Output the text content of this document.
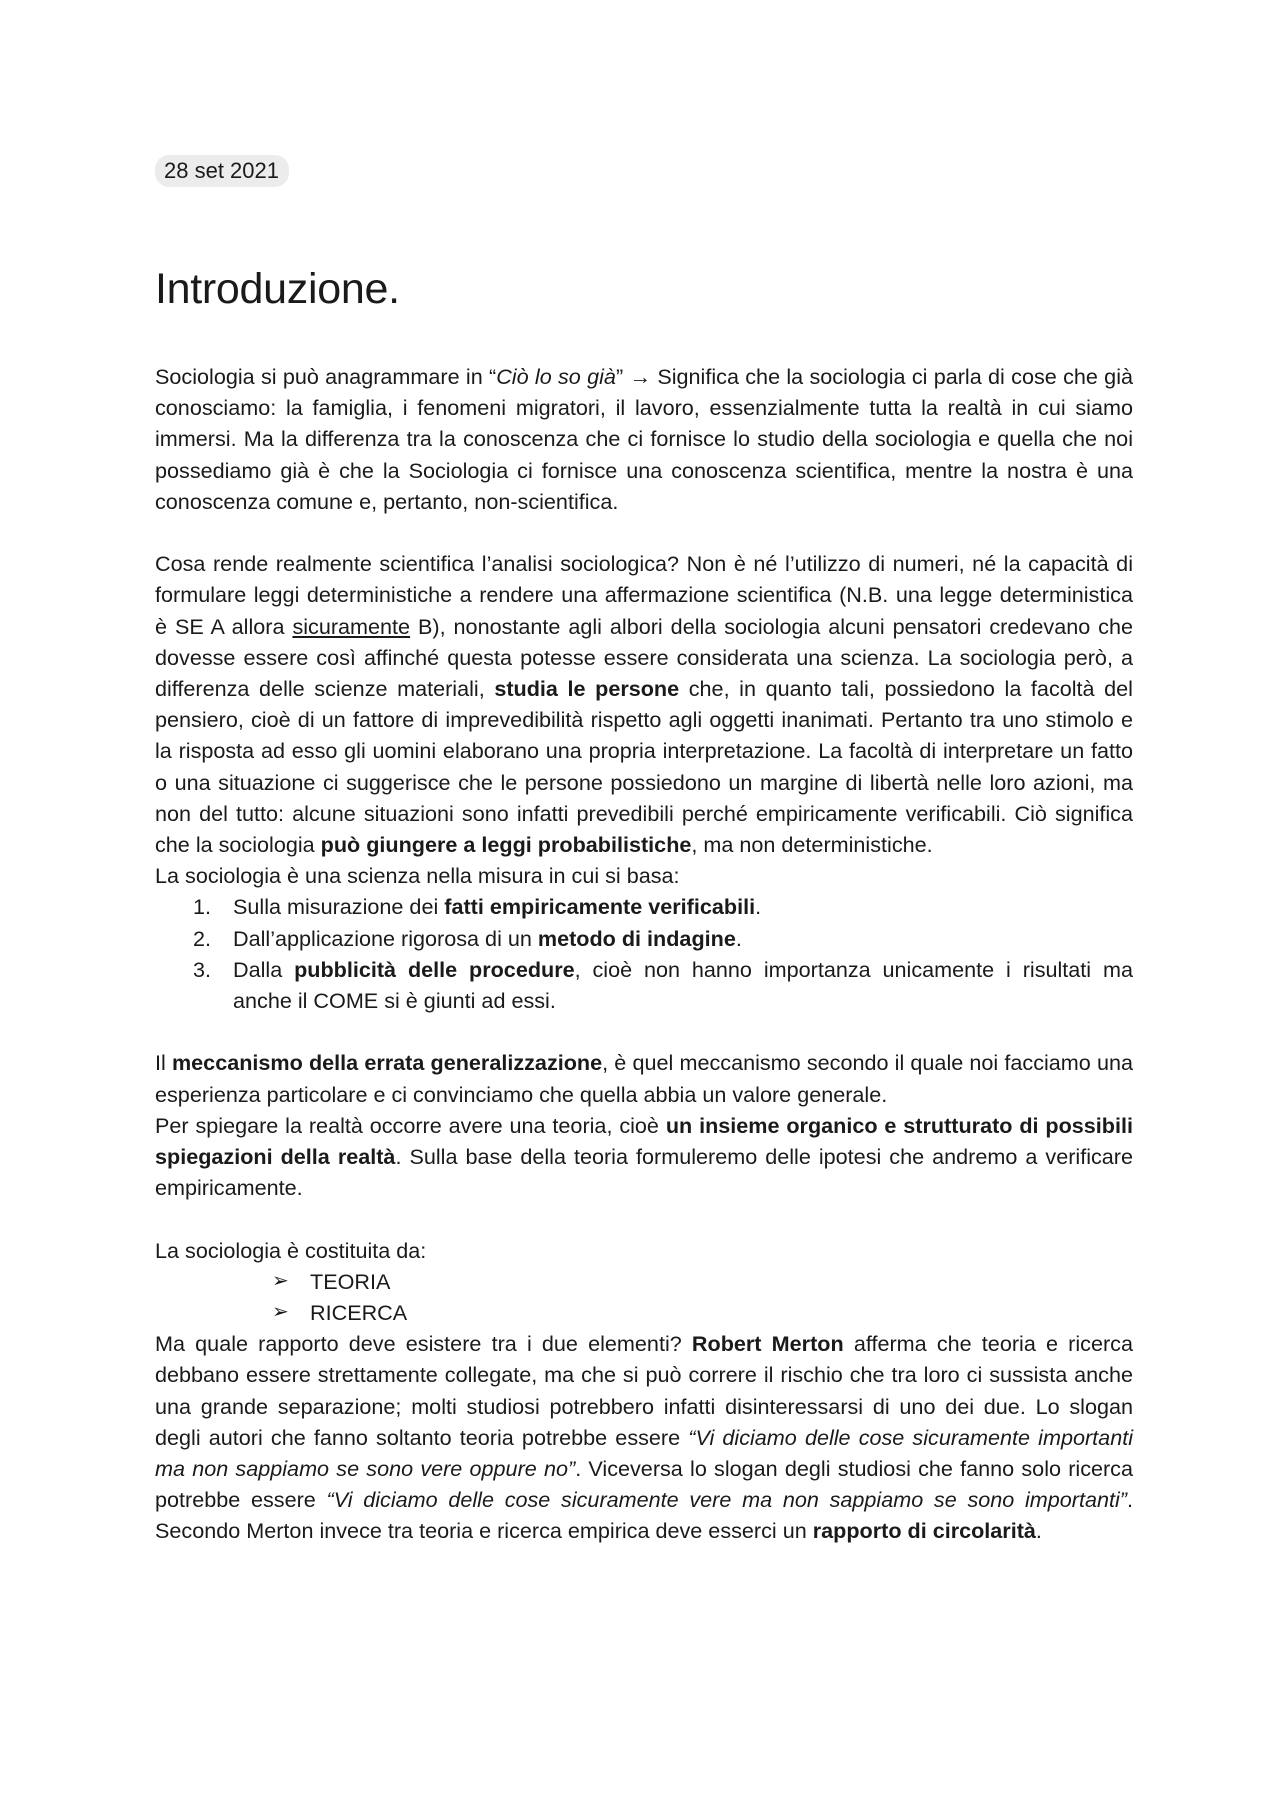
28 set 2021
Introduzione.

Sociologia si può anagrammare in “Ciò lo so già” → Significa che la sociologia ci parla di cose che già conosciamo: la famiglia, i fenomeni migratori, il lavoro, essenzialmente tutta la realtà in cui siamo immersi. Ma la differenza tra la conoscenza che ci fornisce lo studio della sociologia e quella che noi possediamo già è che la Sociologia ci fornisce una conoscenza scientifica, mentre la nostra è una conoscenza comune e, pertanto, non-scientifica.

Cosa rende realmente scientifica l’analisi sociologica? Non è né l’utilizzo di numeri, né la capacità di formulare leggi deterministiche a rendere una affermazione scientifica (N.B. una legge deterministica è SE A allora sicuramente B), nonostante agli albori della sociologia alcuni pensatori credevano che dovesse essere così affinché questa potesse essere considerata una scienza. La sociologia però, a differenza delle scienze materiali, studia le persone che, in quanto tali, possiedono la facoltà del pensiero, cioè di un fattore di imprevedibilità rispetto agli oggetti inanimati. Pertanto tra uno stimolo e la risposta ad esso gli uomini elaborano una propria interpretazione. La facoltà di interpretare un fatto o una situazione ci suggerisce che le persone possiedono un margine di libertà nelle loro azioni, ma non del tutto: alcune situazioni sono infatti prevedibili perché empiricamente verificabili. Ciò significa che la sociologia può giungere a leggi probabilistiche, ma non deterministiche.

La sociologia è una scienza nella misura in cui si basa:

1. Sulla misurazione dei fatti empiricamente verificabili.
2. Dall’applicazione rigorosa di un metodo di indagine.
3. Dalla pubblicità delle procedure, cioè non hanno importanza unicamente i risultati ma anche il COME si è giunti ad essi.

Il meccanismo della errata generalizzazione, è quel meccanismo secondo il quale noi facciamo una esperienza particolare e ci convinciamo che quella abbia un valore generale.

Per spiegare la realtà occorre avere una teoria, cioè un insieme organico e strutturato di possibili spiegazioni della realtà. Sulla base della teoria formuleremo delle ipotesi che andremo a verificare empiricamente.

La sociologia è costituita da:

➢ TEORIA
➢ RICERCA

Ma quale rapporto deve esistere tra i due elementi? Robert Merton afferma che teoria e ricerca debbano essere strettamente collegate, ma che si può correre il rischio che tra loro ci sussista anche una grande separazione; molti studiosi potrebbero infatti disinteressarsi di uno dei due. Lo slogan degli autori che fanno soltanto teoria potrebbe essere “Vi diciamo delle cose sicuramente importanti ma non sappiamo se sono vere oppure no”. Viceversa lo slogan degli studiosi che fanno solo ricerca potrebbe essere “Vi diciamo delle cose sicuramente vere ma non sappiamo se sono importanti”. Secondo Merton invece tra teoria e ricerca empirica deve esserci un rapporto di circolarità.
